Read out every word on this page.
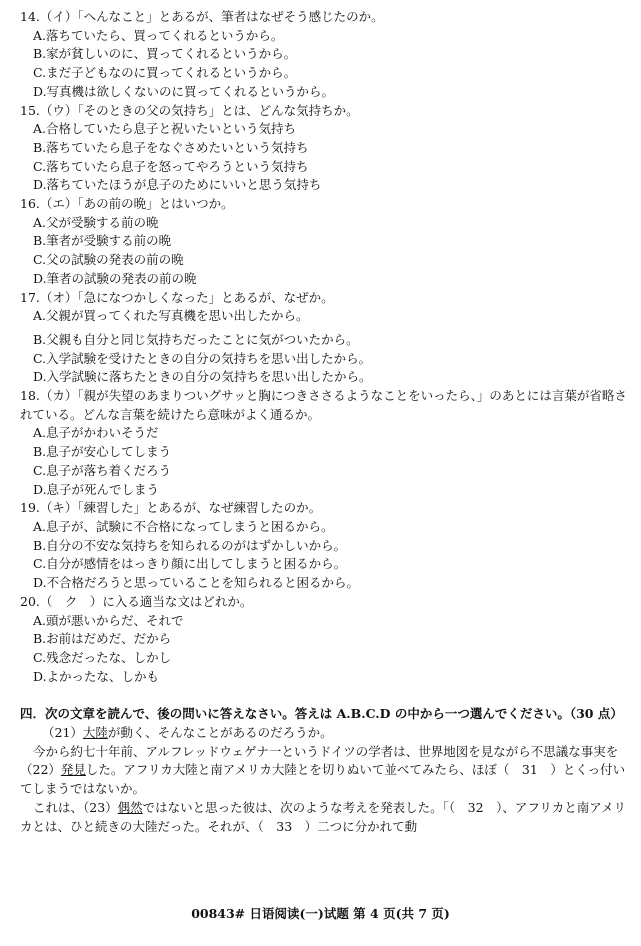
14.（イ）「へんなこと」とあるが、筆者はなぜそう感じたのか。
A.落ちていたら、買ってくれるというから。
B.家が貧しいのに、買ってくれるというから。
C.まだ子どもなのに買ってくれるというから。
D.写真機は欲しくないのに買ってくれるというから。
15.（ウ）「そのときの父の気持ち」とは、どんな気持ちか。
A.合格していたら息子と祝いたいという気持ち
B.落ちていたら息子をなぐさめたいという気持ち
C.落ちていたら息子を怒ってやろうという気持ち
D.落ちていたほうが息子のためにいいと思う気持ち
16.（エ）「あの前の晩」とはいつか。
A.父が受験する前の晩
B.筆者が受験する前の晩
C.父の試験の発表の前の晩
D.筆者の試験の発表の前の晩
17.（オ）「急になつかしくなった」とあるが、なぜか。
A.父親が買ってくれた写真機を思い出したから。
B.父親も自分と同じ気持ちだったことに気がついたから。
C.入学試験を受けたときの自分の気持ちを思い出したから。
D.入学試験に落ちたときの自分の気持ちを思い出したから。
18.（カ）「親が失望のあまりついグサッと胸につきささるようなことをいったら、」のあとには言葉が省略されている。どんな言葉を続けたら意味がよく通るか。
A.息子がかわいそうだ
B.息子が安心してしまう
C.息子が落ち着くだろう
D.息子が死んでしまう
19.（キ）「練習した」とあるが、なぜ練習したのか。
A.息子が、試験に不合格になってしまうと困るから。
B.自分の不安な気持ちを知られるのがはずかしいから。
C.自分が感情をはっきり顔に出してしまうと困るから。
D.不合格だろうと思っていることを知られると困るから。
20.（　ク　）に入る適当な文はどれか。
A.頭が悪いからだ、それで
B.お前はだめだ、だから
C.残念だったな、しかし
D.よかったな、しかも
四．次の文章を読んで、後の問いに答えなさい。答えは A.B.C.D の中から一つ選んでください。（30 点）
（21）大陸が動く、そんなことがあるのだろうか。
今から約七十年前、アルフレッドウェゲナ一というドイツの学者は、世界地図を見ながら不思議な事実を（22）発見した。アフリカ大陸と南アメリカ大陸とを切りぬいて並べてみたら、ほぼ（　31　）とくっ付いてしまうではないか。
これは、（23）偶然ではないと思った彼は、次のような考えを発表した。「（　32　）、アフリカと南アメリカとは、ひと続きの大陸だった。それが、（　33　）二つに分かれて動
00843# 日语阅读(一)试题 第 4 页(共 7 页)
